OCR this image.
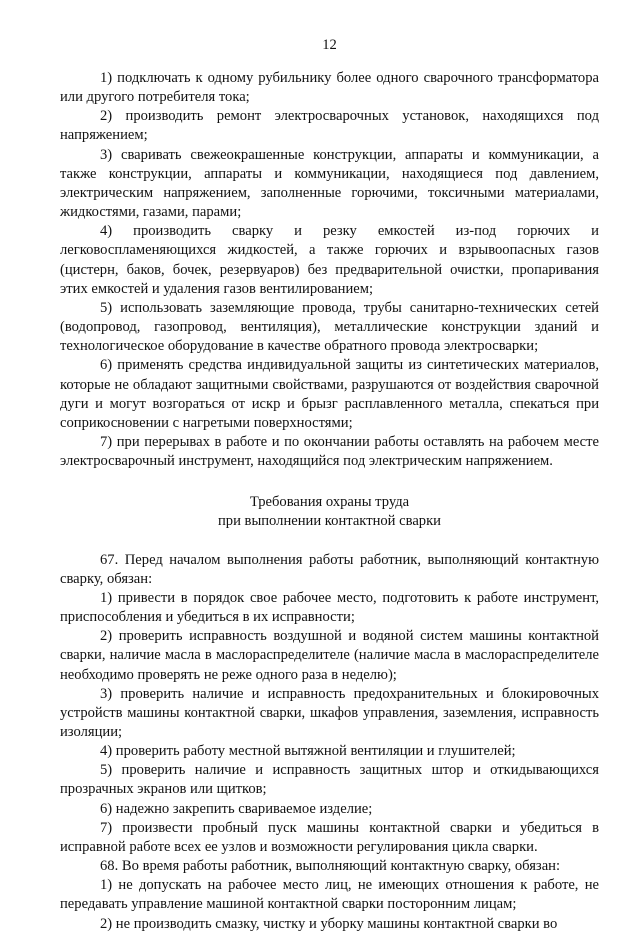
12

1) подключать к одному рубильнику более одного сварочного трансформатора или другого потребителя тока;

2) производить ремонт электросварочных установок, находящихся под напряжением;

3) сваривать свежеокрашенные конструкции, аппараты и коммуникации, а также конструкции, аппараты и коммуникации, находящиеся под давлением, электрическим напряжением, заполненные горючими, токсичными материалами, жидкостями, газами, парами;

4) производить сварку и резку емкостей из-под горючих и легковоспламеняющихся жидкостей, а также горючих и взрывоопасных газов (цистерн, баков, бочек, резервуаров) без предварительной очистки, пропаривания этих емкостей и удаления газов вентилированием;

5) использовать заземляющие провода, трубы санитарно-технических сетей (водопровод, газопровод, вентиляция), металлические конструкции зданий и технологическое оборудование в качестве обратного провода электросварки;

6) применять средства индивидуальной защиты из синтетических материалов, которые не обладают защитными свойствами, разрушаются от воздействия сварочной дуги и могут возгораться от искр и брызг расплавленного металла, спекаться при соприкосновении с нагретыми поверхностями;

7) при перерывах в работе и по окончании работы оставлять на рабочем месте электросварочный инструмент, находящийся под электрическим напряжением.

Требования охраны труда
при выполнении контактной сварки

67. Перед началом выполнения работы работник, выполняющий контактную сварку, обязан:

1) привести в порядок свое рабочее место, подготовить к работе инструмент, приспособления и убедиться в их исправности;

2) проверить исправность воздушной и водяной систем машины контактной сварки, наличие масла в маслораспределителе (наличие масла в маслораспределителе необходимо проверять не реже одного раза в неделю);

3) проверить наличие и исправность предохранительных и блокировочных устройств машины контактной сварки, шкафов управления, заземления, исправность изоляции;

4) проверить работу местной вытяжной вентиляции и глушителей;

5) проверить наличие и исправность защитных штор и откидывающихся прозрачных экранов или щитков;

6) надежно закрепить свариваемое изделие;

7) произвести пробный пуск машины контактной сварки и убедиться в исправной работе всех ее узлов и возможности регулирования цикла сварки.

68. Во время работы работник, выполняющий контактную сварку, обязан:

1) не допускать на рабочее место лиц, не имеющих отношения к работе, не передавать управление машиной контактной сварки посторонним лицам;

2) не производить смазку, чистку и уборку машины контактной сварки во
